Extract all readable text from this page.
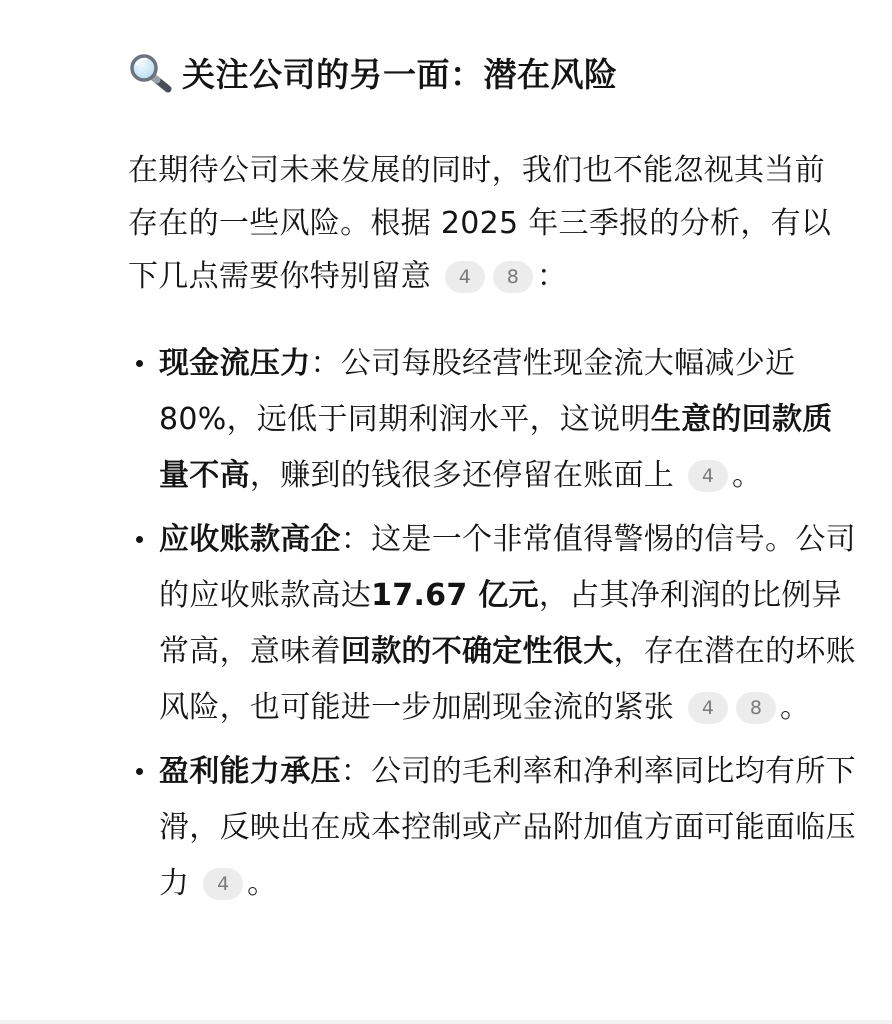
关注公司的另一面：潜在风险

在期待公司未来发展的同时，我们也不能忽视其当前存在的一些风险。根据 2025 年三季报的分析，有以下几点需要你特别留意 4 8 ：

现金流压力：公司每股经营性现金流大幅减少近 80%，远低于同期利润水平，这说明生意的回款质量不高，赚到的钱很多还停留在账面上 4 。
应收账款高企：这是一个非常值得警惕的信号。公司的应收账款高达17.67 亿元，占其净利润的比例异常高，意味着回款的不确定性很大，存在潜在的坏账风险，也可能进一步加剧现金流的紧张 4 8 。
盈利能力承压：公司的毛利率和净利率同比均有所下滑，反映出在成本控制或产品附加值方面可能面临压力 4 。
